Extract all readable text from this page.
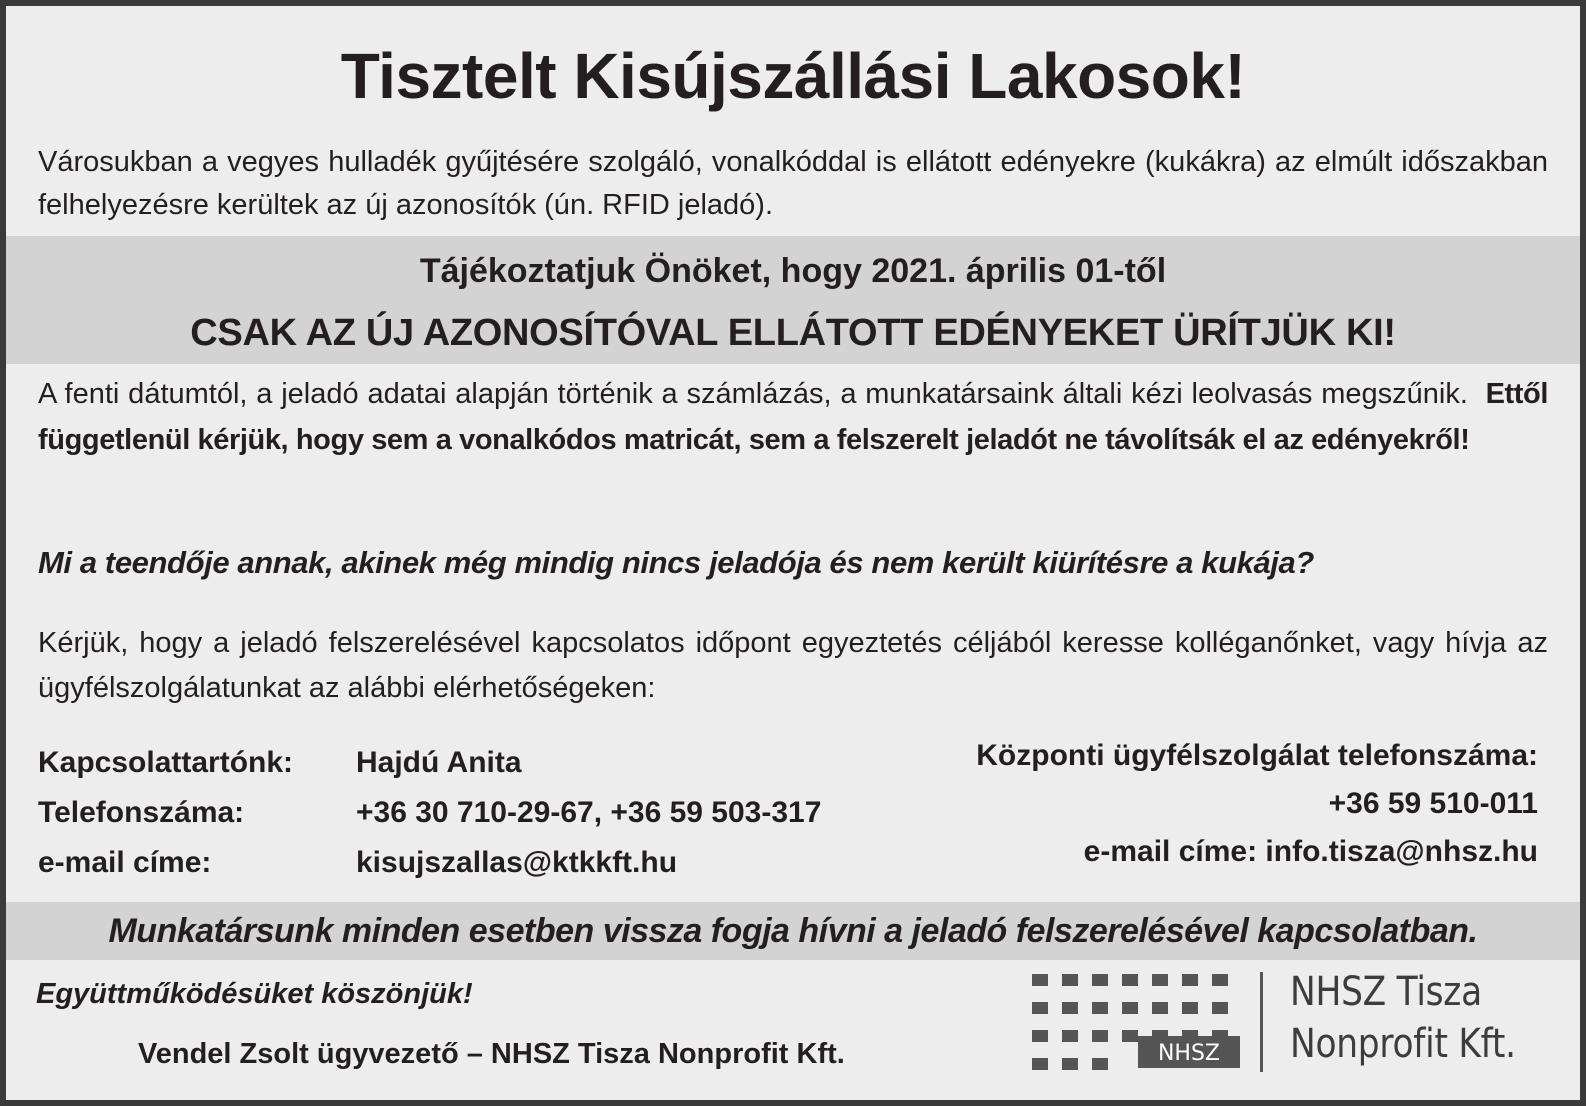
Tisztelt Kisújszállási Lakosok!
Városukban a vegyes hulladék gyűjtésére szolgáló, vonalkóddal is ellátott edényekre (kukákra) az elmúlt időszakban felhelyezésre kerültek az új azonosítók (ún. RFID jeladó).
Tájékoztatjuk Önöket, hogy 2021. április 01-től
CSAK AZ ÚJ AZONOSÍTÓVAL ELLÁTOTT EDÉNYEKET ÜRÍTJÜK KI!
A fenti dátumtól, a jeladó adatai alapján történik a számlázás, a munkatársaink általi kézi leolvasás megszűnik. Ettől függetlenül kérjük, hogy sem a vonalkódos matricát, sem a felszerelt jeladót ne távolítsák el az edényekről!
Mi a teendője annak, akinek még mindig nincs jeladója és nem került kiürítésre a kukája?
Kérjük, hogy a jeladó felszerelésével kapcsolatos időpont egyeztetés céljából keresse kolléganőnket, vagy hívja az ügyfélszolgálatunkat az alábbi elérhetőségeken:
Kapcsolattartónk:	Hajdú Anita
Telefonszáma:	+36 30 710-29-67, +36 59 503-317
e-mail címe:	kisujszallas@ktkkft.hu
Központi ügyfélszolgálat telefonszáma:
+36 59 510-011
e-mail címe: info.tisza@nhsz.hu
Munkatársunk minden esetben vissza fogja hívni a jeladó felszerelésével kapcsolatban.
Együttműködésüket köszönjük!
Vendel Zsolt ügyvezető – NHSZ Tisza Nonprofit Kft.	NHSZ
NHSZ Tisza
Nonprofit Kft.
